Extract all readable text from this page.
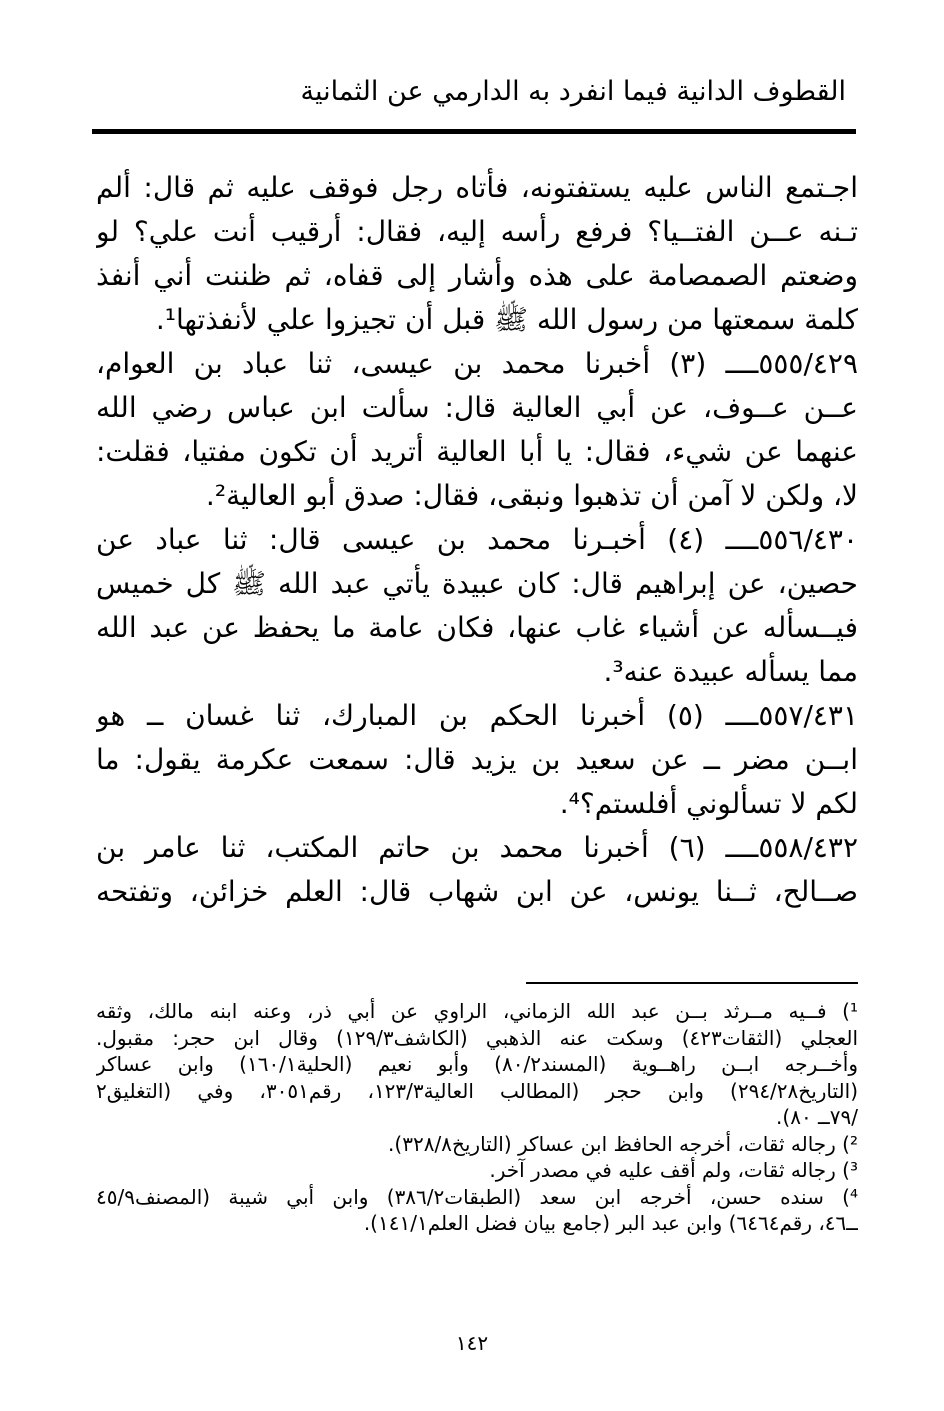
القطوف الدانية فيما انفرد به الدارمي عن الثمانية
اجـتمع الناس عليه يستفتونه، فأتاه رجل فوقف عليه ثم قال: ألم
تـنه عــن الفتــيا؟ فرفع رأسه إليه، فقال: أرقيب أنت علي؟ لو
وضعتم الصمصامة على هذه وأشار إلى قفاه، ثم ظننت أني أنفذ
كلمة سمعتها من رسول الله ﷺ قبل أن تجيزوا علي لأنفذتها¹.
٥٥٥/٤٢٩ــــ (٣) أخبرنا محمد بن عيسى، ثنا عباد بن العوام،
عــن عــوف، عن أبي العالية قال: سألت ابن عباس رضي الله
عنهما عن شيء، فقال: يا أبا العالية أتريد أن تكون مفتيا، فقلت:
لا، ولكن لا آمن أن تذهبوا ونبقى، فقال: صدق أبو العالية².
٥٥٦/٤٣٠ــــ (٤) أخبـرنا محمد بن عيسى قال: ثنا عباد عن
حصين، عن إبراهيم قال: كان عبيدة يأتي عبد الله ﷺ كل خميس
فيــسأله عن أشياء غاب عنها، فكان عامة ما يحفظ عن عبد الله
مما يسأله عبيدة عنه³.
٥٥٧/٤٣١ــــ (٥) أخبرنا الحكم بن المبارك، ثنا غسان ــ هو
ابــن مضر ــ عن سعيد بن يزيد قال: سمعت عكرمة يقول: ما
لكم لا تسألوني أفلستم؟⁴.
٥٥٨/٤٣٢ــــ (٦) أخبرنا محمد بن حاتم المكتب، ثنا عامر بن
صــالح، ثــنا يونس، عن ابن شهاب قال: العلم خزائن، وتفتحه
¹) فــيه مــرثد بــن عبد الله الزماني، الراوي عن أبي ذر، وعنه ابنه مالك، وثقه
العجلي (الثقات٤٢٣) وسكت عنه الذهبي (الكاشف١٢٩/٣) وقال ابن حجر: مقبول.
وأخــرجه ابــن راهــوية (المسند٨٠/٢) وأبو نعيم (الحلية١٦٠/١) وابن عساكر
(التاريخ٢٩٤/٢٨) وابن حجر (المطالب العالية١٢٣/٣، رقم٣٠٥١، وفي (التغليق٢
/٧٩ــ ٨٠).
²) رجاله ثقات، أخرجه الحافظ ابن عساكر (التاريخ٣٢٨/٨).
³) رجاله ثقات، ولم أقف عليه في مصدر آخر.
⁴) سنده حسن، أخرجه ابن سعد (الطبقات٣٨٦/٢) وابن أبي شيبة (المصنف٤٥/٩
ــ٤٦، رقم٦٤٦٤) وابن عبد البر (جامع بيان فضل العلم١٤١/١).
١٤٢
